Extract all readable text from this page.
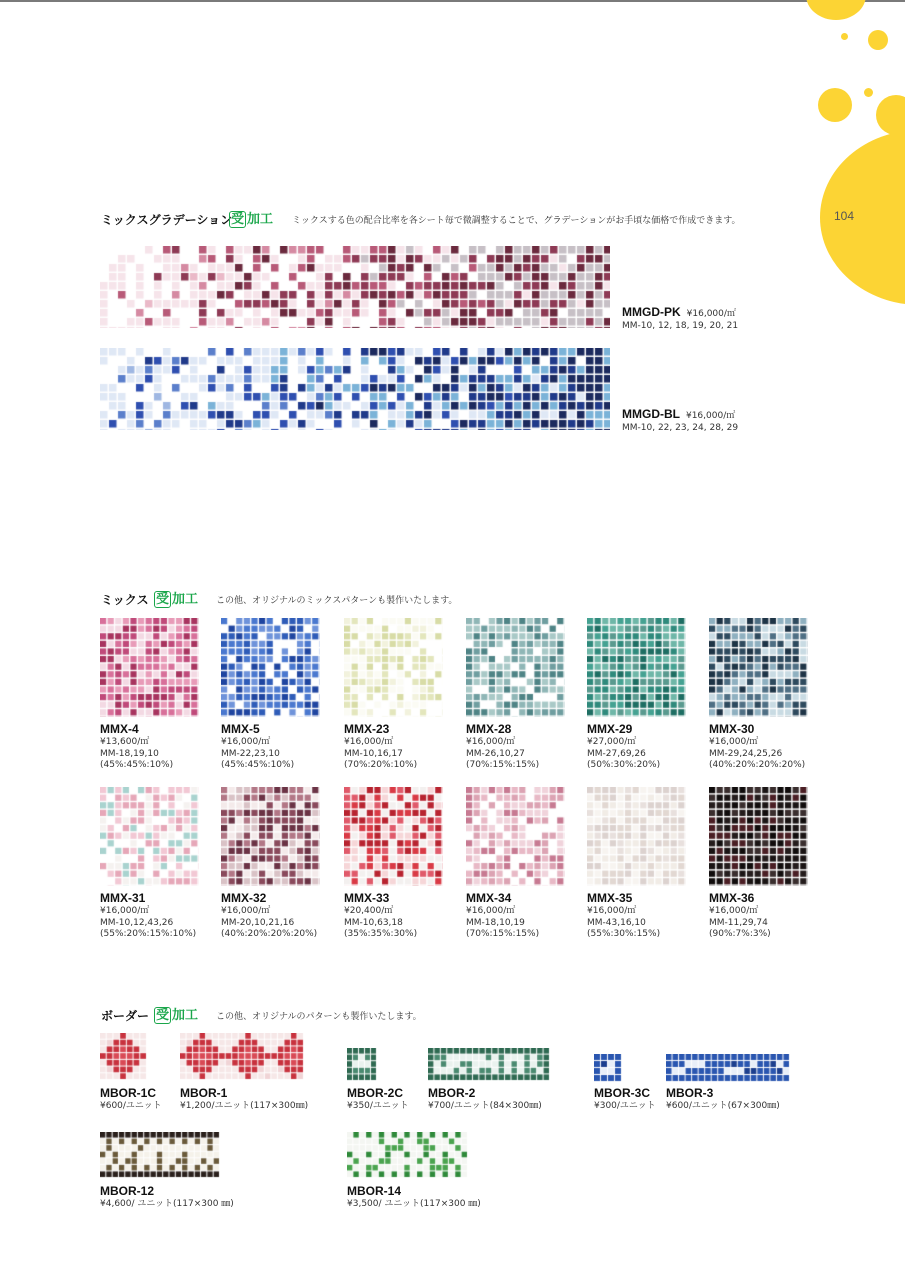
104
ミックスグラデーション
受 加工 ミックスする色の配合比率を各シート毎で微調整することで、グラデーションがお手頃な価格で作成できます。
MMGD-PK ¥16,000/㎡
MM-10, 12, 18, 19, 20, 21
MMGD-BL ¥16,000/㎡
MM-10, 22, 23, 24, 28, 29
ミックス 受 加工 この他、オリジナルのミックスパターンも製作いたします。
MMX-4
¥13,600/㎡
MM-18,19,10
(45%:45%:10%)
MMX-5
¥16,000/㎡
MM-22,23,10
(45%:45%:10%)
MMX-23
¥16,000/㎡
MM-10,16,17
(70%:20%:10%)
MMX-28
¥16,000/㎡
MM-26,10,27
(70%:15%:15%)
MMX-29
¥27,000/㎡
MM-27,69,26
(50%:30%:20%)
MMX-30
¥16,000/㎡
MM-29,24,25,26
(40%:20%:20%:20%)
MMX-31
¥16,000/㎡
MM-10,12,43,26
(55%:20%:15%:10%)
MMX-32
¥16,000/㎡
MM-20,10,21,16
(40%:20%:20%:20%)
MMX-33
¥20,400/㎡
MM-10,63,18
(35%:35%:30%)
MMX-34
¥16,000/㎡
MM-18,10,19
(70%:15%:15%)
MMX-35
¥16,000/㎡
MM-43,16,10
(55%:30%:15%)
MMX-36
¥16,000/㎡
MM-11,29,74
(90%:7%:3%)
ボーダー 受 加工 この他、オリジナルのパターンも製作いたします。
MBOR-1C
¥600/ユニット
MBOR-1
¥1,200/ユニット(117×300㎜)
MBOR-2C
¥350/ユニット
MBOR-2
¥700/ユニット(84×300㎜)
MBOR-3C
¥300/ユニット
MBOR-3
¥600/ユニット(67×300㎜)
MBOR-12
¥4,600/ ユニット(117×300 ㎜)
MBOR-14
¥3,500/ ユニット(117×300 ㎜)
